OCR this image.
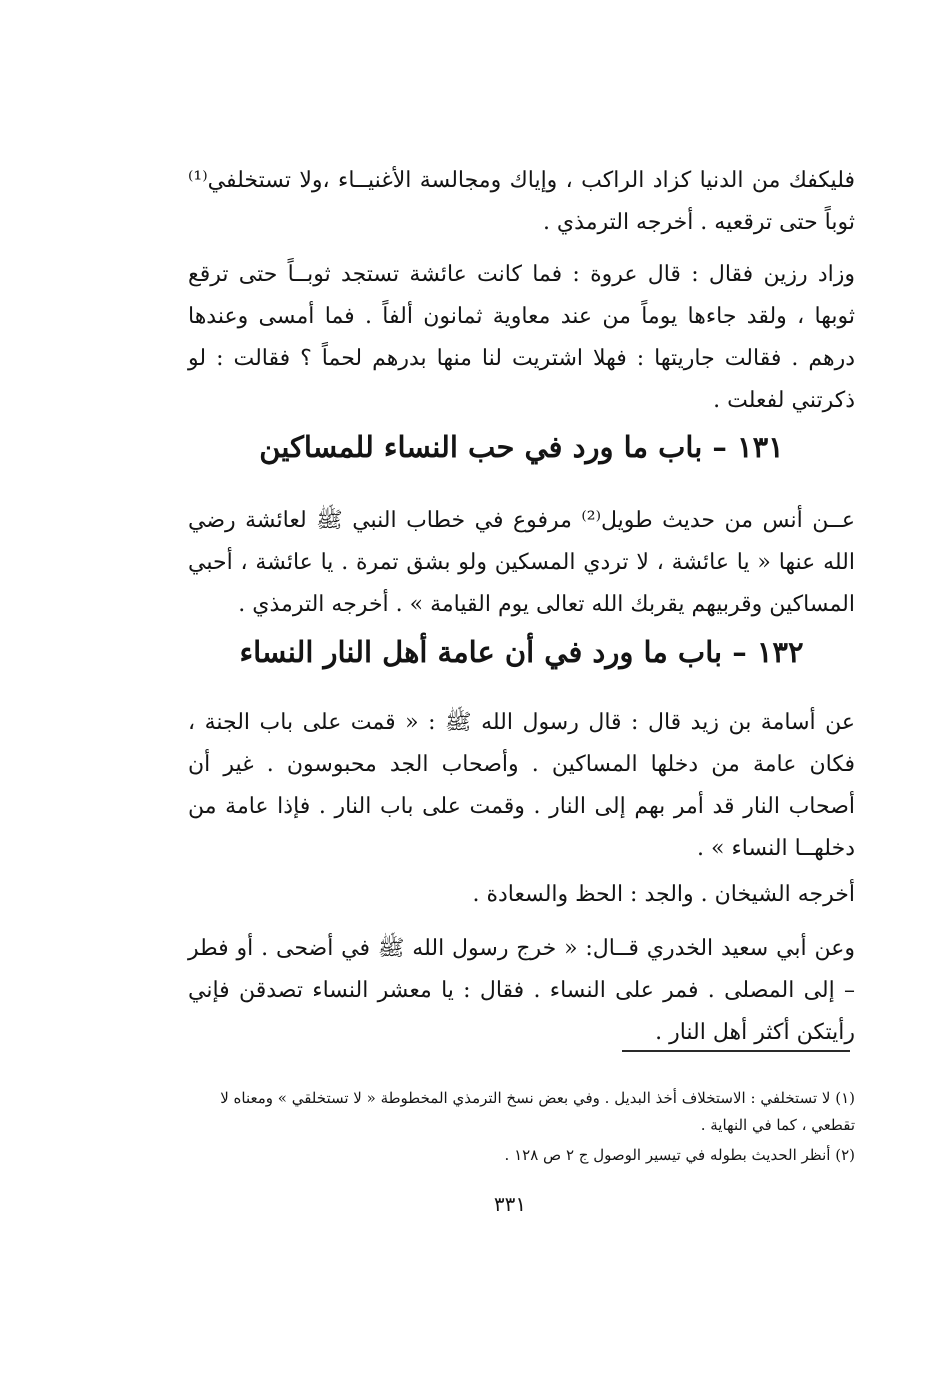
فليكفك من الدنيا كزاد الراكب ، وإياك ومجالسة الأغنيــاء ،ولا تستخلفي⁽¹⁾ ثوباً حتى ترقعيه . أخرجه الترمذي .

وزاد رزين فقال : قال عروة : فما كانت عائشة تستجد ثوبــاً حتى ترقع ثوبها ، ولقد جاءها يوماً من عند معاوية ثمانون ألفاً . فما أمسى وعندها درهم . فقالت جاريتها : فهلا اشتريت لنا منها بدرهم لحماً ؟ فقالت : لو ذكرتني لفعلت .

١٣١ – باب ما ورد في حب النساء للمساكين

عــن أنس من حديث طويل⁽²⁾ مرفوع في خطاب النبي ﷺ لعائشة رضي الله عنها « يا عائشة ، لا تردي المسكين ولو بشق تمرة . يا عائشة ، أحبي المساكين وقربيهم يقربك الله تعالى يوم القيامة » . أخرجه الترمذي .

١٣٢ – باب ما ورد في أن عامة أهل النار النساء

عن أسامة بن زيد قال : قال رسول الله ﷺ : « قمت على باب الجنة ، فكان عامة من دخلها المساكين . وأصحاب الجد محبوسون . غير أن أصحاب النار قد أمر بهم إلى النار . وقمت على باب النار . فإذا عامة من دخلهــا النساء » .

أخرجه الشيخان . والجد : الحظ والسعادة .

وعن أبي سعيد الخدري قــال: « خرج رسول الله ﷺ في أضحى . أو فطر – إلى المصلى . فمر على النساء . فقال : يا معشر النساء تصدقن فإني رأيتكن أكثر أهل النار .

(١) لا تستخلفي : الاستخلاف أخذ البديل . وفي بعض نسخ الترمذي المخطوطة « لا تستخلقي » ومعناه لا تقطعي ، كما في النهاية .

(٢) أنظر الحديث بطوله في تيسير الوصول ج ٢ ص ١٢٨ .

٣٣١
